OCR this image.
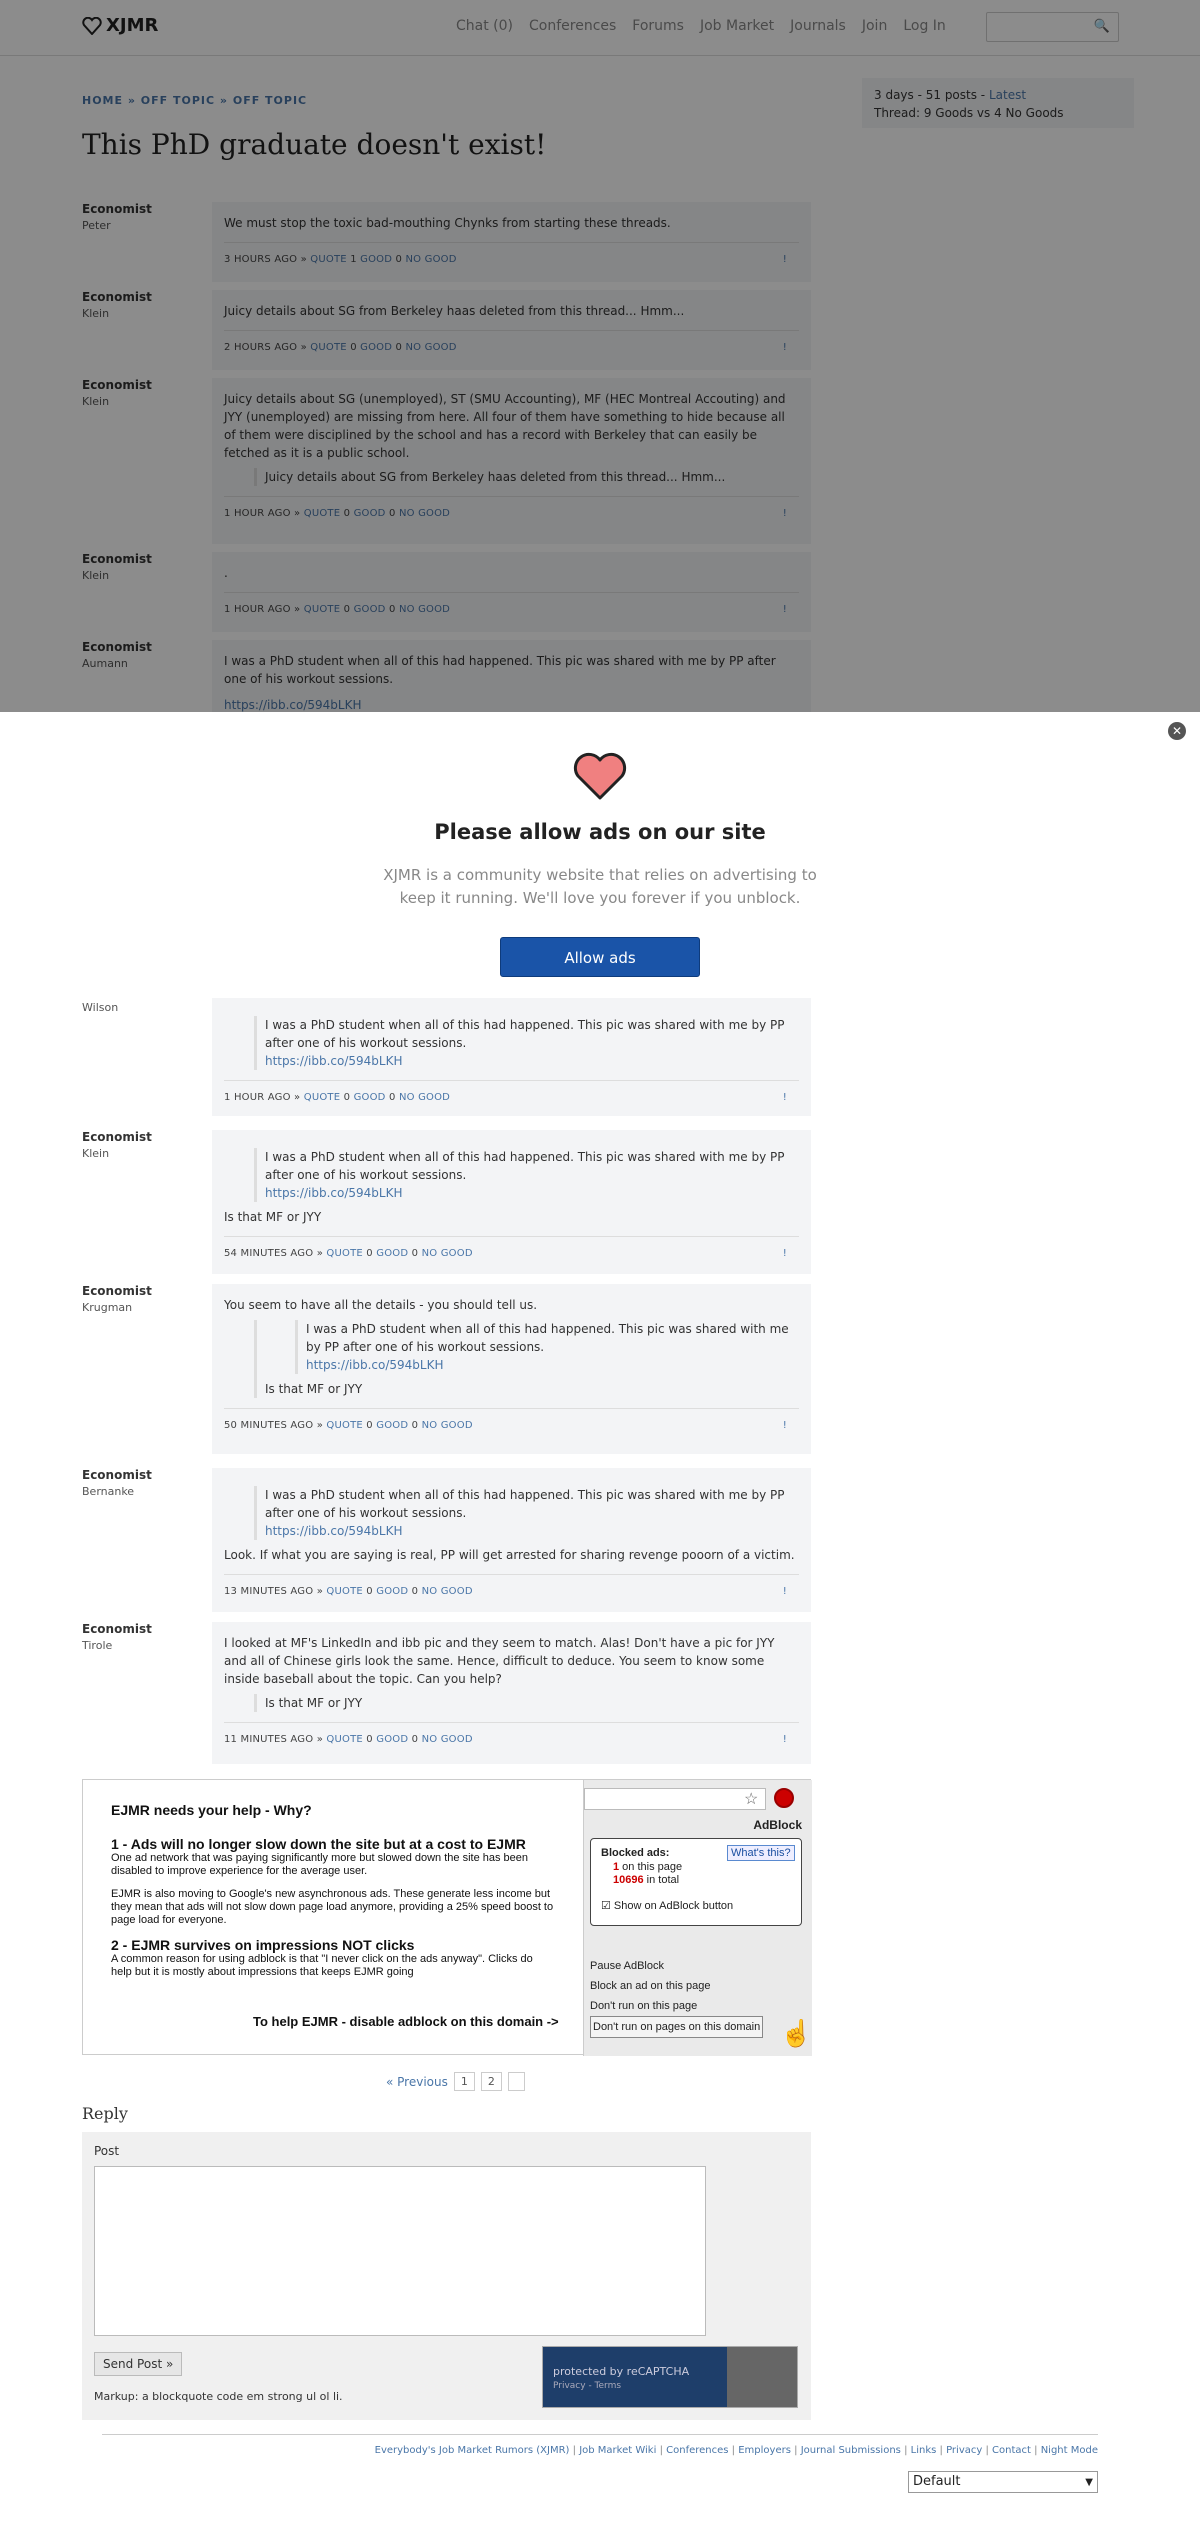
XJMR	Chat (0) Conferences Forums Job Market Journals Join Log In	🔍
HOME » OFF TOPIC » OFF TOPIC
This PhD graduate doesn't exist!
3 days - 51 posts - Latest
Thread: 9 Goods vs 4 No Goods
Economist
Peter	We must stop the toxic bad-mouthing Chynks from starting these threads.
3 HOURS AGO » QUOTE 1 GOOD 0 NO GOOD	!
Economist
Klein	Juicy details about SG from Berkeley haas deleted from this thread... Hmm...
2 HOURS AGO » QUOTE 0 GOOD 0 NO GOOD	!
Economist
Klein	Juicy details about SG (unemployed), ST (SMU Accounting), MF (HEC Montreal Accouting) and JYY (unemployed) are missing from here. All four of them have something to hide because all of them were disciplined by the school and has a record with Berkeley that can easily be fetched as it is a public school.
Juicy details about SG from Berkeley haas deleted from this thread... Hmm...
1 HOUR AGO » QUOTE 0 GOOD 0 NO GOOD	!
Economist
Klein	.
1 HOUR AGO » QUOTE 0 GOOD 0 NO GOOD	!
Economist
Aumann	I was a PhD student when all of this had happened. This pic was shared with me by PP after one of his workout sessions.
https://ibb.co/594bLKH
✕
Please allow ads on our site

XJMR is a community website that relies on advertising to keep it running. We'll love you forever if you unblock.

Allow ads
Wilson
I was a PhD student when all of this had happened. This pic was shared with me by PP after one of his workout sessions.
https://ibb.co/594bLKH
1 HOUR AGO » QUOTE 0 GOOD 0 NO GOOD	!
Economist
Klein	I was a PhD student when all of this had happened. This pic was shared with me by PP after one of his workout sessions.
https://ibb.co/594bLKH
Is that MF or JYY
54 MINUTES AGO » QUOTE 0 GOOD 0 NO GOOD	!
Economist
Krugman	You seem to have all the details - you should tell us.
I was a PhD student when all of this had happened. This pic was shared with me by PP after one of his workout sessions.
https://ibb.co/594bLKH
Is that MF or JYY
50 MINUTES AGO » QUOTE 0 GOOD 0 NO GOOD	!
Economist
Bernanke	I was a PhD student when all of this had happened. This pic was shared with me by PP after one of his workout sessions.
https://ibb.co/594bLKH
Look. If what you are saying is real, PP will get arrested for sharing revenge pooorn of a victim.
13 MINUTES AGO » QUOTE 0 GOOD 0 NO GOOD	!
Economist
Tirole	I looked at MF's LinkedIn and ibb pic and they seem to match. Alas! Don't have a pic for JYY and all of Chinese girls look the same. Hence, difficult to deduce. You seem to know some inside baseball about the topic. Can you help?
Is that MF or JYY
11 MINUTES AGO » QUOTE 0 GOOD 0 NO GOOD	!
EJMR needs your help - Why?
1 - Ads will no longer slow down the site but at a cost to EJMR
One ad network that was paying significantly more but slowed down the site has been disabled to improve experience for the average user.
EJMR is also moving to Google's new asynchronous ads. These generate less income but they mean that ads will not slow down page load anymore, providing a 25% speed boost to page load for everyone.
2 - EJMR survives on impressions NOT clicks
A common reason for using adblock is that "I never click on the ads anyway". Clicks do help but it is mostly about impressions that keeps EJMR going
To help EJMR - disable adblock on this domain ->
☆
AdBlock
Blocked ads:	What's this?
1 on this page
10696 in total
☑ Show on AdBlock button
Pause AdBlock
Block an ad on this page
Don't run on this page
Don't run on pages on this domain ☝
« Previous	1	2

Reply
Post
Send Post »
Markup: a blockquote code em strong ul ol li.
protected by reCAPTCHA
Privacy - Terms
Everybody's Job Market Rumors (XJMR) | Job Market Wiki | Conferences | Employers | Journal Submissions | Links | Privacy | Contact | Night Mode
Default	▼
